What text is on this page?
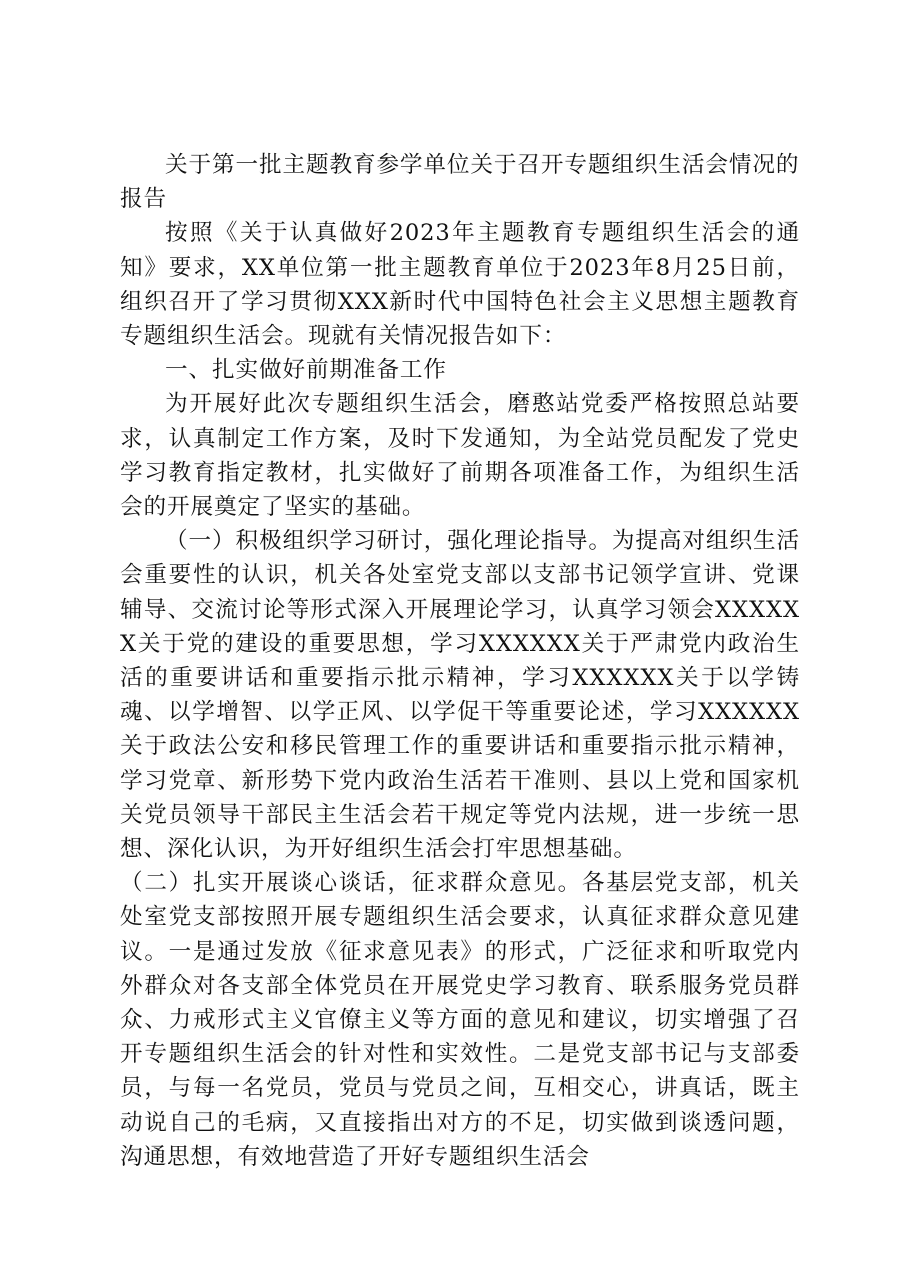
关于第一批主题教育参学单位关于召开专题组织生活会情况的报告

按照《关于认真做好2023年主题教育专题组织生活会的通知》要求，XX单位第一批主题教育单位于2023年8月25日前，组织召开了学习贯彻XXX新时代中国特色社会主义思想主题教育专题组织生活会。现就有关情况报告如下：

一、扎实做好前期准备工作

为开展好此次专题组织生活会，磨憨站党委严格按照总站要求，认真制定工作方案，及时下发通知，为全站党员配发了党史学习教育指定教材，扎实做好了前期各项准备工作，为组织生活会的开展奠定了坚实的基础。

（一）积极组织学习研讨，强化理论指导。为提高对组织生活会重要性的认识，机关各处室党支部以支部书记领学宣讲、党课辅导、交流讨论等形式深入开展理论学习，认真学习领会XXXXXX关于党的建设的重要思想，学习XXXXXX关于严肃党内政治生活的重要讲话和重要指示批示精神，学习XXXXXX关于以学铸魂、以学增智、以学正风、以学促干等重要论述，学习XXXXXX关于政法公安和移民管理工作的重要讲话和重要指示批示精神，学习党章、新形势下党内政治生活若干准则、县以上党和国家机关党员领导干部民主生活会若干规定等党内法规，进一步统一思想、深化认识，为开好组织生活会打牢思想基础。

（二）扎实开展谈心谈话，征求群众意见。各基层党支部，机关处室党支部按照开展专题组织生活会要求，认真征求群众意见建议。一是通过发放《征求意见表》的形式，广泛征求和听取党内外群众对各支部全体党员在开展党史学习教育、联系服务党员群众、力戒形式主义官僚主义等方面的意见和建议，切实增强了召开专题组织生活会的针对性和实效性。二是党支部书记与支部委员，与每一名党员，党员与党员之间，互相交心，讲真话，既主动说自己的毛病，又直接指出对方的不足，切实做到谈透问题，沟通思想，有效地营造了开好专题组织生活会
